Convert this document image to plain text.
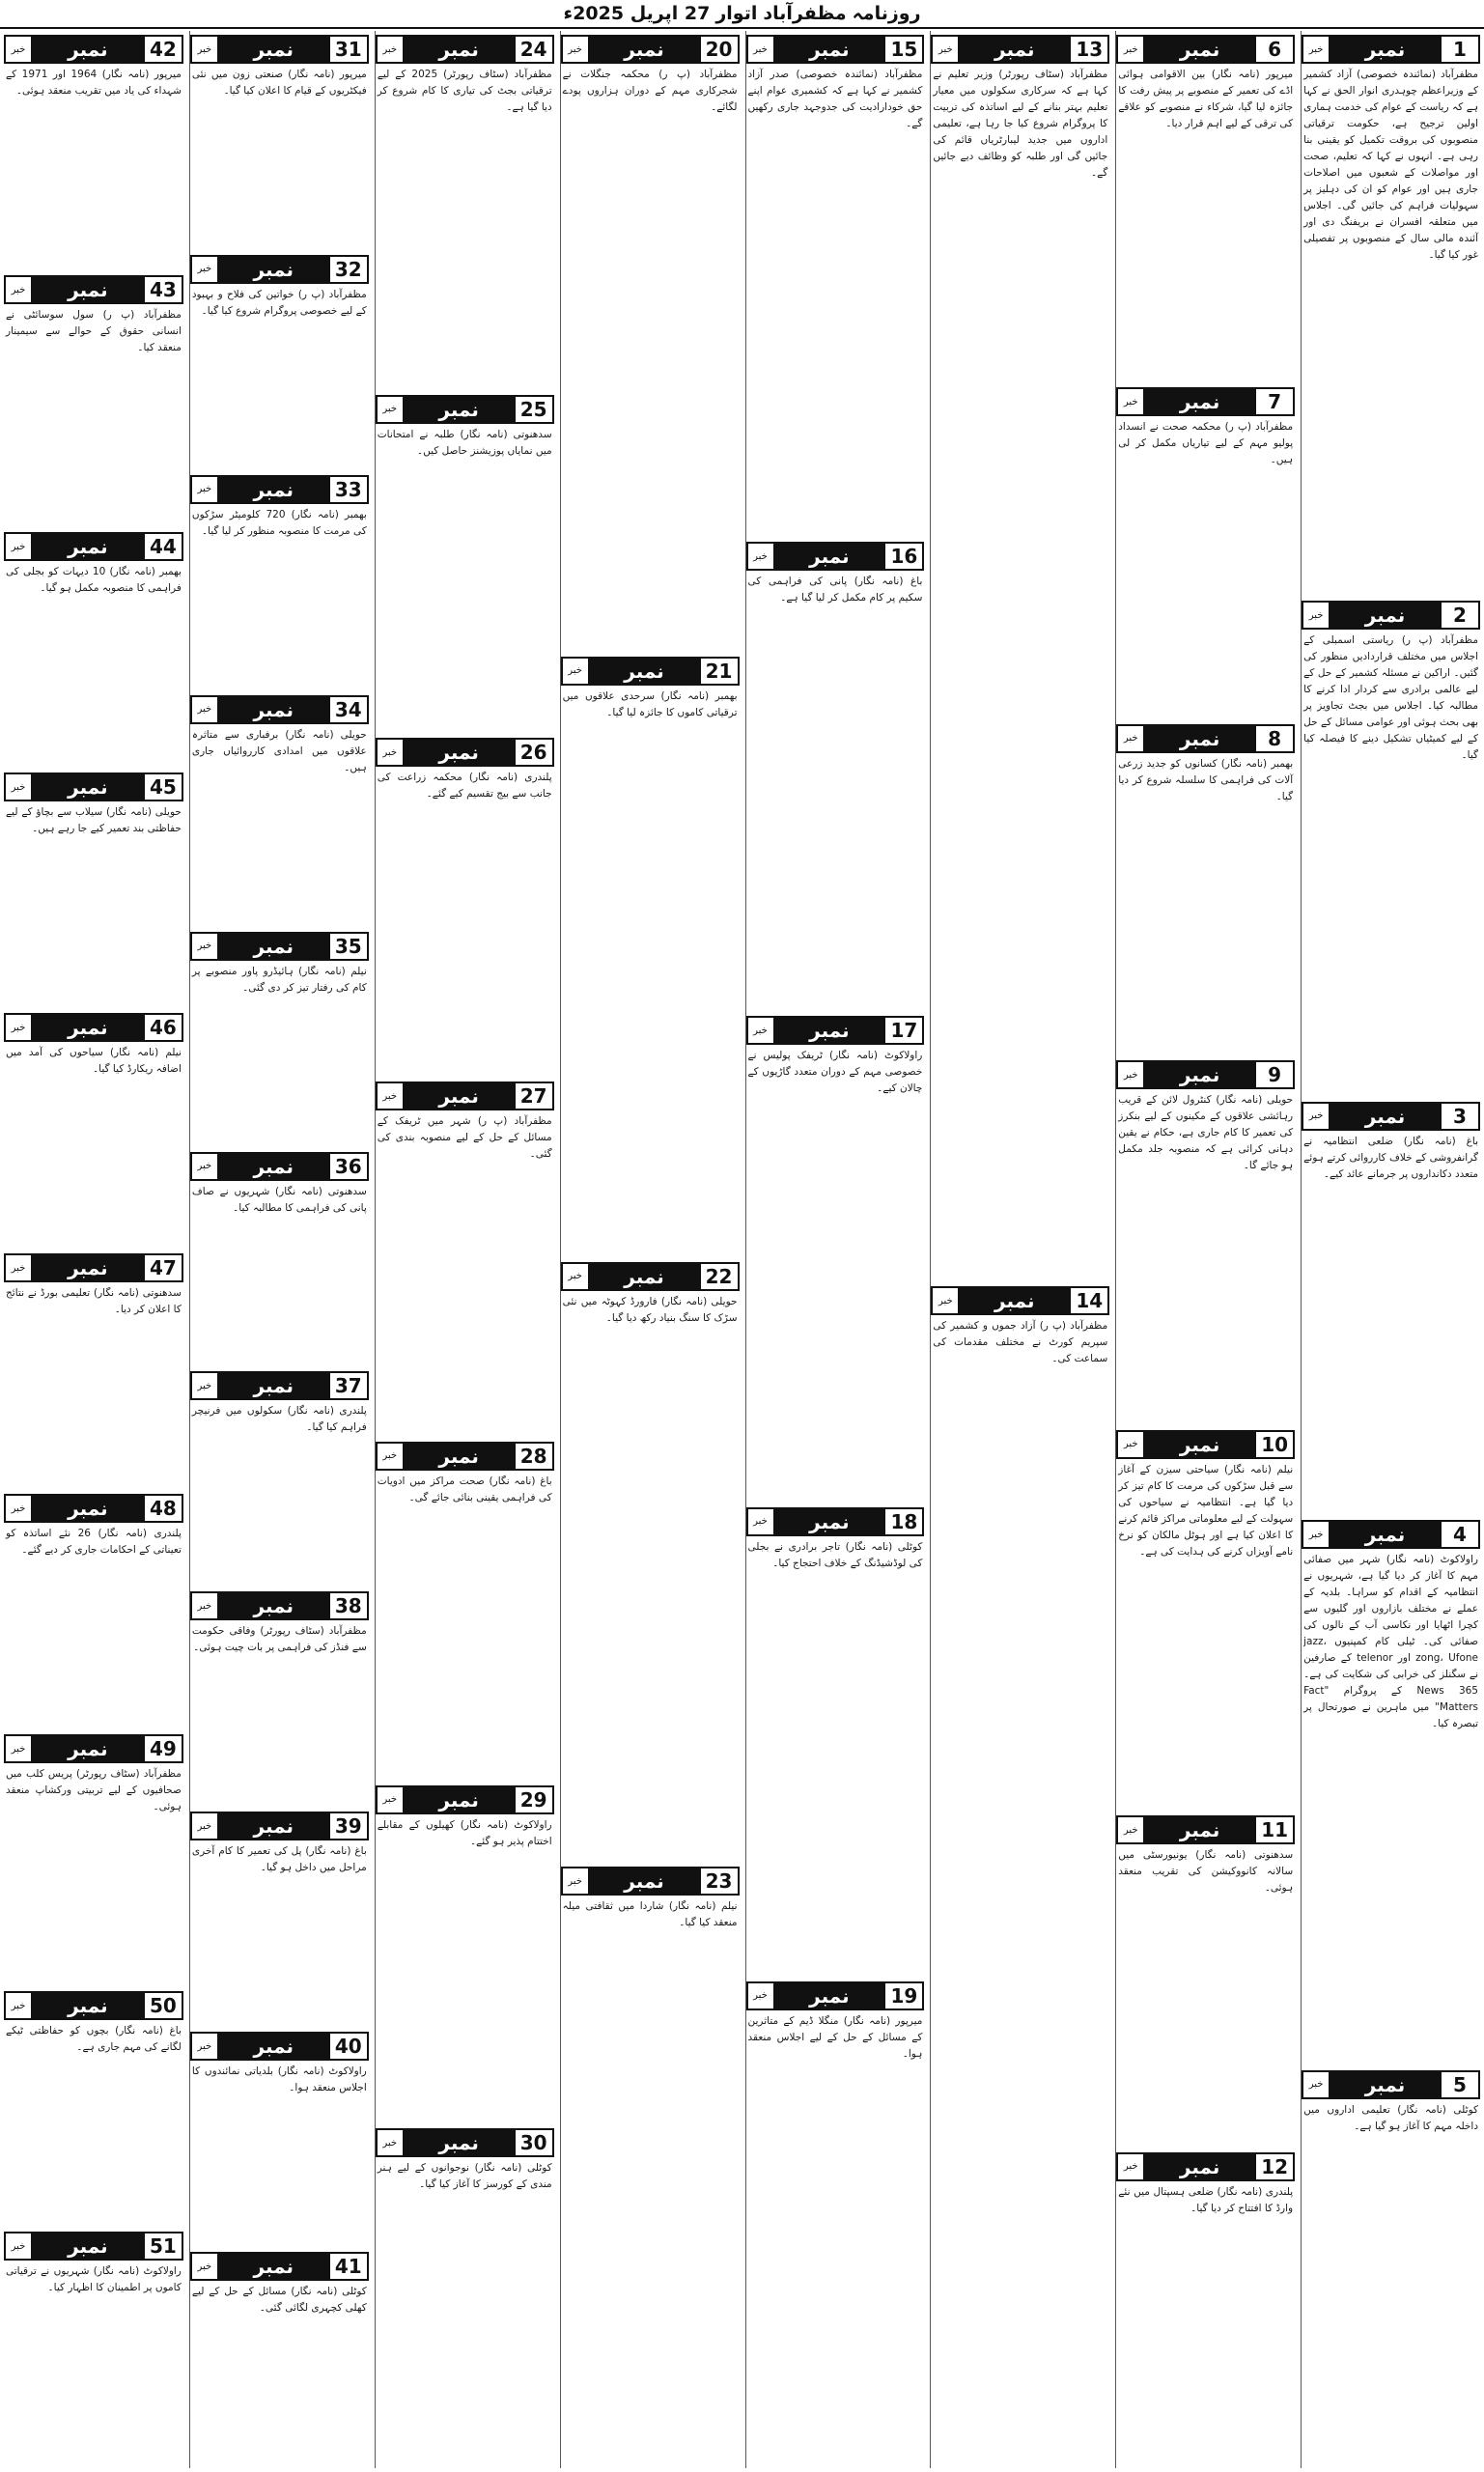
روزنامہ
مظفرآباد
اتوار
27 اپریل 2025ء
خبر	نمبر	1
مظفرآباد (نمائندہ خصوصی) آزاد کشمیر کے وزیراعظم چوہدری انوار الحق نے کہا ہے کہ ریاست کے عوام کی خدمت ہماری اولین ترجیح ہے، حکومت ترقیاتی منصوبوں کی بروقت تکمیل کو یقینی بنا رہی ہے۔ انہوں نے کہا کہ تعلیم، صحت اور مواصلات کے شعبوں میں اصلاحات جاری ہیں اور عوام کو ان کی دہلیز پر سہولیات فراہم کی جائیں گی۔ اجلاس میں متعلقہ افسران نے بریفنگ دی اور آئندہ مالی سال کے منصوبوں پر تفصیلی غور کیا گیا۔
خبر	نمبر	2
مظفرآباد (پ ر) ریاستی اسمبلی کے اجلاس میں مختلف قراردادیں منظور کی گئیں۔ اراکین نے مسئلہ کشمیر کے حل کے لیے عالمی برادری سے کردار ادا کرنے کا مطالبہ کیا۔ اجلاس میں بجٹ تجاویز پر بھی بحث ہوئی اور عوامی مسائل کے حل کے لیے کمیٹیاں تشکیل دینے کا فیصلہ کیا گیا۔
خبر	نمبر	3
باغ (نامہ نگار) ضلعی انتظامیہ نے گرانفروشی کے خلاف کارروائی کرتے ہوئے متعدد دکانداروں پر جرمانے عائد کیے۔
خبر	نمبر	4
راولاکوٹ (نامہ نگار) شہر میں صفائی مہم کا آغاز کر دیا گیا ہے، شہریوں نے انتظامیہ کے اقدام کو سراہا۔ بلدیہ کے عملے نے مختلف بازاروں اور گلیوں سے کچرا اٹھایا اور نکاسی آب کے نالوں کی صفائی کی۔ ٹیلی کام کمپنیوں jazz، zong، Ufone اور telenor کے صارفین نے سگنلز کی خرابی کی شکایت کی ہے۔ News 365 کے پروگرام "Fact Matters" میں ماہرین نے صورتحال پر تبصرہ کیا۔
خبر	نمبر	5
کوٹلی (نامہ نگار) تعلیمی اداروں میں داخلہ مہم کا آغاز ہو گیا ہے۔
خبر	نمبر	6
میرپور (نامہ نگار) بین الاقوامی ہوائی اڈے کی تعمیر کے منصوبے پر پیش رفت کا جائزہ لیا گیا، شرکاء نے منصوبے کو علاقے کی ترقی کے لیے اہم قرار دیا۔
خبر	نمبر	7
مظفرآباد (پ ر) محکمہ صحت نے انسداد پولیو مہم کے لیے تیاریاں مکمل کر لی ہیں۔
خبر	نمبر	8
بھمبر (نامہ نگار) کسانوں کو جدید زرعی آلات کی فراہمی کا سلسلہ شروع کر دیا گیا۔
خبر	نمبر	9
حویلی (نامہ نگار) کنٹرول لائن کے قریب رہائشی علاقوں کے مکینوں کے لیے بنکرز کی تعمیر کا کام جاری ہے، حکام نے یقین دہانی کرائی ہے کہ منصوبہ جلد مکمل ہو جائے گا۔
خبر	نمبر	10
نیلم (نامہ نگار) سیاحتی سیزن کے آغاز سے قبل سڑکوں کی مرمت کا کام تیز کر دیا گیا ہے۔ انتظامیہ نے سیاحوں کی سہولت کے لیے معلوماتی مراکز قائم کرنے کا اعلان کیا ہے اور ہوٹل مالکان کو نرخ نامے آویزاں کرنے کی ہدایت کی ہے۔
خبر	نمبر	11
سدھنوتی (نامہ نگار) یونیورسٹی میں سالانہ کانووکیشن کی تقریب منعقد ہوئی۔
خبر	نمبر	12
پلندری (نامہ نگار) ضلعی ہسپتال میں نئے وارڈ کا افتتاح کر دیا گیا۔
خبر	نمبر	13
مظفرآباد (سٹاف رپورٹر) وزیر تعلیم نے کہا ہے کہ سرکاری سکولوں میں معیار تعلیم بہتر بنانے کے لیے اساتذہ کی تربیت کا پروگرام شروع کیا جا رہا ہے، تعلیمی اداروں میں جدید لیبارٹریاں قائم کی جائیں گی اور طلبہ کو وظائف دیے جائیں گے۔
خبر	نمبر	14
مظفرآباد (پ ر) آزاد جموں و کشمیر کی سپریم کورٹ نے مختلف مقدمات کی سماعت کی۔
خبر	نمبر	15
مظفرآباد (نمائندہ خصوصی) صدر آزاد کشمیر نے کہا ہے کہ کشمیری عوام اپنے حق خودارادیت کی جدوجہد جاری رکھیں گے۔
خبر	نمبر	16
باغ (نامہ نگار) پانی کی فراہمی کی سکیم پر کام مکمل کر لیا گیا ہے۔
خبر	نمبر	17
راولاکوٹ (نامہ نگار) ٹریفک پولیس نے خصوصی مہم کے دوران متعدد گاڑیوں کے چالان کیے۔
خبر	نمبر	18
کوٹلی (نامہ نگار) تاجر برادری نے بجلی کی لوڈشیڈنگ کے خلاف احتجاج کیا۔
خبر	نمبر	19
میرپور (نامہ نگار) منگلا ڈیم کے متاثرین کے مسائل کے حل کے لیے اجلاس منعقد ہوا۔
خبر	نمبر	20
مظفرآباد (پ ر) محکمہ جنگلات نے شجرکاری مہم کے دوران ہزاروں پودے لگائے۔
خبر	نمبر	21
بھمبر (نامہ نگار) سرحدی علاقوں میں ترقیاتی کاموں کا جائزہ لیا گیا۔
خبر	نمبر	22
حویلی (نامہ نگار) فارورڈ کہوٹہ میں نئی سڑک کا سنگ بنیاد رکھ دیا گیا۔
خبر	نمبر	23
نیلم (نامہ نگار) شاردا میں ثقافتی میلہ منعقد کیا گیا۔
خبر	نمبر	24
مظفرآباد (سٹاف رپورٹر) 2025 کے لیے ترقیاتی بجٹ کی تیاری کا کام شروع کر دیا گیا ہے۔
خبر	نمبر	25
سدھنوتی (نامہ نگار) طلبہ نے امتحانات میں نمایاں پوزیشنز حاصل کیں۔
خبر	نمبر	26
پلندری (نامہ نگار) محکمہ زراعت کی جانب سے بیج تقسیم کیے گئے۔
خبر	نمبر	27
مظفرآباد (پ ر) شہر میں ٹریفک کے مسائل کے حل کے لیے منصوبہ بندی کی گئی۔
خبر	نمبر	28
باغ (نامہ نگار) صحت مراکز میں ادویات کی فراہمی یقینی بنائی جائے گی۔
خبر	نمبر	29
راولاکوٹ (نامہ نگار) کھیلوں کے مقابلے اختتام پذیر ہو گئے۔
خبر	نمبر	30
کوٹلی (نامہ نگار) نوجوانوں کے لیے ہنر مندی کے کورسز کا آغاز کیا گیا۔
خبر	نمبر	31
میرپور (نامہ نگار) صنعتی زون میں نئی فیکٹریوں کے قیام کا اعلان کیا گیا۔
خبر	نمبر	32
مظفرآباد (پ ر) خواتین کی فلاح و بہبود کے لیے خصوصی پروگرام شروع کیا گیا۔
خبر	نمبر	33
بھمبر (نامہ نگار) 720 کلومیٹر سڑکوں کی مرمت کا منصوبہ منظور کر لیا گیا۔
خبر	نمبر	34
حویلی (نامہ نگار) برفباری سے متاثرہ علاقوں میں امدادی کارروائیاں جاری ہیں۔
خبر	نمبر	35
نیلم (نامہ نگار) ہائیڈرو پاور منصوبے پر کام کی رفتار تیز کر دی گئی۔
خبر	نمبر	36
سدھنوتی (نامہ نگار) شہریوں نے صاف پانی کی فراہمی کا مطالبہ کیا۔
خبر	نمبر	37
پلندری (نامہ نگار) سکولوں میں فرنیچر فراہم کیا گیا۔
خبر	نمبر	38
مظفرآباد (سٹاف رپورٹر) وفاقی حکومت سے فنڈز کی فراہمی پر بات چیت ہوئی۔
خبر	نمبر	39
باغ (نامہ نگار) پل کی تعمیر کا کام آخری مراحل میں داخل ہو گیا۔
خبر	نمبر	40
راولاکوٹ (نامہ نگار) بلدیاتی نمائندوں کا اجلاس منعقد ہوا۔
خبر	نمبر	41
کوٹلی (نامہ نگار) مسائل کے حل کے لیے کھلی کچہری لگائی گئی۔
خبر	نمبر	42
میرپور (نامہ نگار) 1964 اور 1971 کے شہداء کی یاد میں تقریب منعقد ہوئی۔
خبر	نمبر	43
مظفرآباد (پ ر) سول سوسائٹی نے انسانی حقوق کے حوالے سے سیمینار منعقد کیا۔
خبر	نمبر	44
بھمبر (نامہ نگار) 10 دیہات کو بجلی کی فراہمی کا منصوبہ مکمل ہو گیا۔
خبر	نمبر	45
حویلی (نامہ نگار) سیلاب سے بچاؤ کے لیے حفاظتی بند تعمیر کیے جا رہے ہیں۔
خبر	نمبر	46
نیلم (نامہ نگار) سیاحوں کی آمد میں اضافہ ریکارڈ کیا گیا۔
خبر	نمبر	47
سدھنوتی (نامہ نگار) تعلیمی بورڈ نے نتائج کا اعلان کر دیا۔
خبر	نمبر	48
پلندری (نامہ نگار) 26 نئے اساتذہ کو تعیناتی کے احکامات جاری کر دیے گئے۔
خبر	نمبر	49
مظفرآباد (سٹاف رپورٹر) پریس کلب میں صحافیوں کے لیے تربیتی ورکشاپ منعقد ہوئی۔
خبر	نمبر	50
باغ (نامہ نگار) بچوں کو حفاظتی ٹیکے لگانے کی مہم جاری ہے۔
خبر	نمبر	51
راولاکوٹ (نامہ نگار) شہریوں نے ترقیاتی کاموں پر اطمینان کا اظہار کیا۔
